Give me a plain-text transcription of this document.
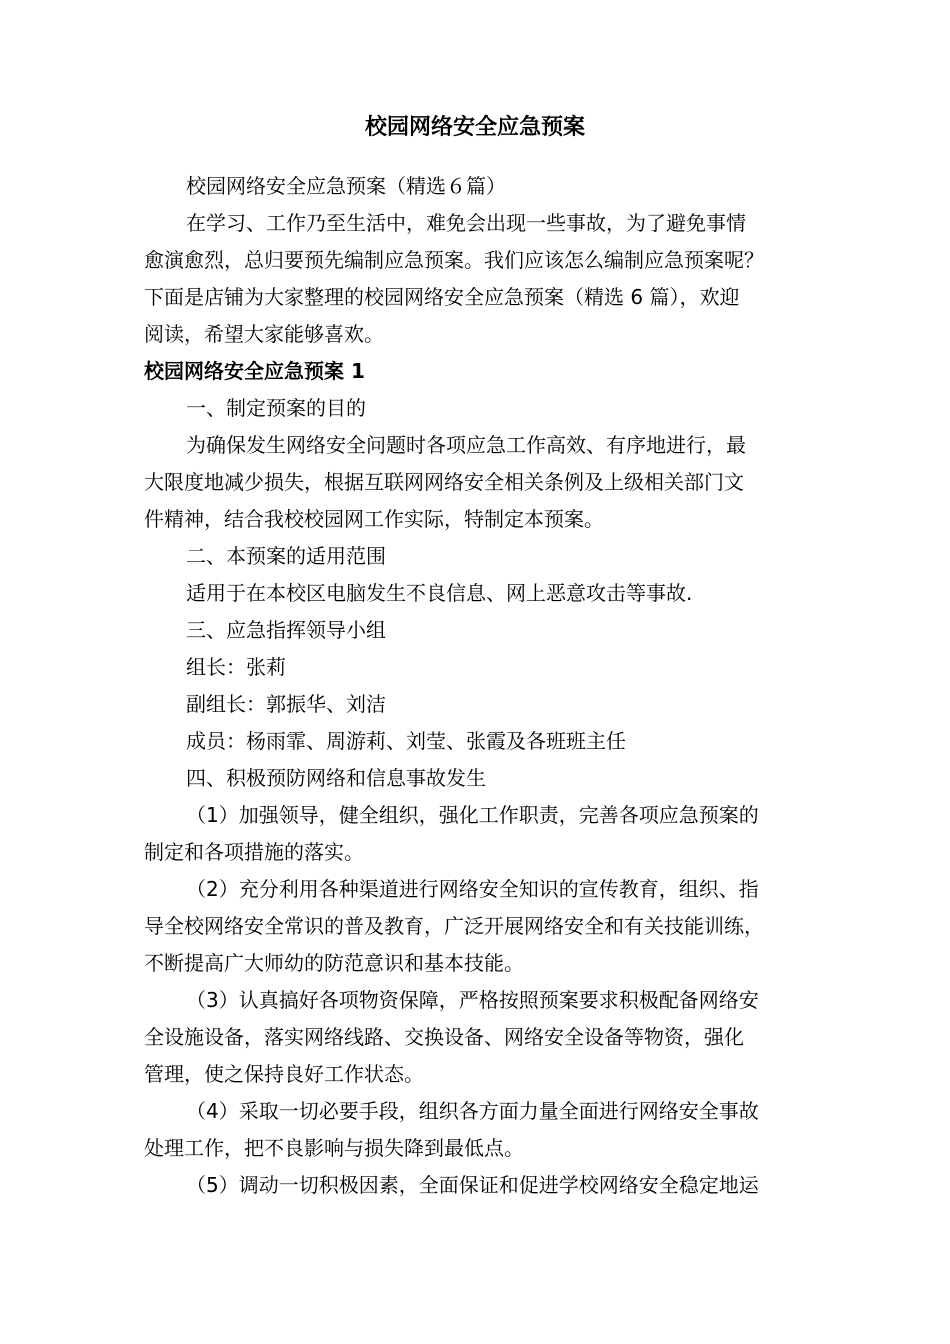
校园网络安全应急预案
校园网络安全应急预案（精选６篇）
在学习、工作乃至生活中，难免会出现一些事故，为了避免事情
愈演愈烈，总归要预先编制应急预案。我们应该怎么编制应急预案呢？
下面是店铺为大家整理的校园网络安全应急预案（精选 6 篇），欢迎
阅读，希望大家能够喜欢。
校园网络安全应急预案 1
一、制定预案的目的
为确保发生网络安全问题时各项应急工作高效、有序地进行，最
大限度地减少损失，根据互联网网络安全相关条例及上级相关部门文
件精神，结合我校校园网工作实际，特制定本预案。
二、本预案的适用范围
适用于在本校区电脑发生不良信息、网上恶意攻击等事故.
三、应急指挥领导小组
组长：张莉
副组长：郭振华、刘洁
成员：杨雨霏、周游莉、刘莹、张霞及各班班主任
四、积极预防网络和信息事故发生
（1）加强领导，健全组织，强化工作职责，完善各项应急预案的
制定和各项措施的落实。
（2）充分利用各种渠道进行网络安全知识的宣传教育，组织、指
导全校网络安全常识的普及教育，广泛开展网络安全和有关技能训练，
不断提高广大师幼的防范意识和基本技能。
（3）认真搞好各项物资保障，严格按照预案要求积极配备网络安
全设施设备，落实网络线路、交换设备、网络安全设备等物资，强化
管理，使之保持良好工作状态。
（4）采取一切必要手段，组织各方面力量全面进行网络安全事故
处理工作，把不良影响与损失降到最低点。
（5）调动一切积极因素，全面保证和促进学校网络安全稳定地运
